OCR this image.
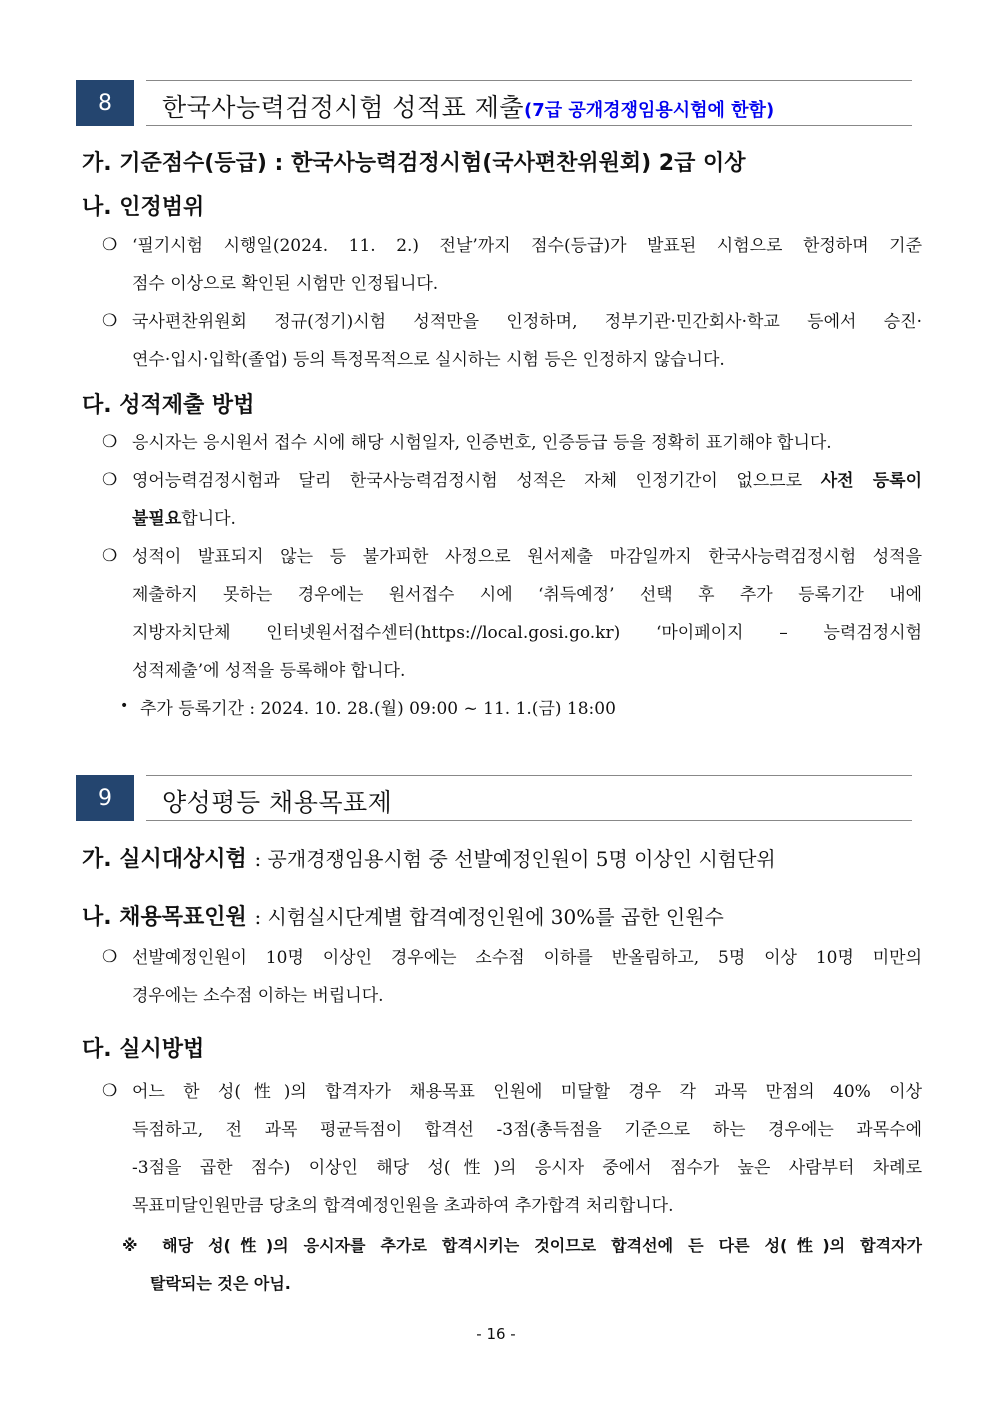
8	한국사능력검정시험 성적표 제출(7급 공개경쟁임용시험에 한함)
가. 기준점수(등급) : 한국사능력검정시험(국사편찬위원회) 2급 이상
나. 인정범위
❍ ‘필기시험 시행일(2024. 11. 2.) 전날’까지 점수(등급)가 발표된 시험으로 한정하며 기준
점수 이상으로 확인된 시험만 인정됩니다.
❍ 국사편찬위원회 정규(정기)시험 성적만을 인정하며, 정부기관·민간회사·학교 등에서 승진·
연수·입시·입학(졸업) 등의 특정목적으로 실시하는 시험 등은 인정하지 않습니다.
다. 성적제출 방법
❍ 응시자는 응시원서 접수 시에 해당 시험일자, 인증번호, 인증등급 등을 정확히 표기해야 합니다.
❍ 영어능력검정시험과 달리 한국사능력검정시험 성적은 자체 인정기간이 없으므로 사전 등록이
불필요합니다.
❍ 성적이 발표되지 않는 등 불가피한 사정으로 원서제출 마감일까지 한국사능력검정시험 성적을
제출하지 못하는 경우에는 원서접수 시에 ‘취득예정’ 선택 후 추가 등록기간 내에
지방자치단체 인터넷원서접수센터(https://local.gosi.go.kr) ‘마이페이지 – 능력검정시험
성적제출’에 성적을 등록해야 합니다.
• 추가 등록기간 : 2024. 10. 28.(월) 09:00 ~ 11. 1.(금) 18:00
9	양성평등 채용목표제
가. 실시대상시험 : 공개경쟁임용시험 중 선발예정인원이 5명 이상인 시험단위
나. 채용목표인원 : 시험실시단계별 합격예정인원에 30%를 곱한 인원수
❍ 선발예정인원이 10명 이상인 경우에는 소수점 이하를 반올림하고, 5명 이상 10명 미만의
경우에는 소수점 이하는 버립니다.
다. 실시방법
❍ 어느 한 성(性)의 합격자가 채용목표 인원에 미달할 경우 각 과목 만점의 40% 이상
득점하고, 전 과목 평균득점이 합격선 -3점(총득점을 기준으로 하는 경우에는 과목수에
-3점을 곱한 점수) 이상인 해당 성(性)의 응시자 중에서 점수가 높은 사람부터 차례로
목표미달인원만큼 당초의 합격예정인원을 초과하여 추가합격 처리합니다.
※ 해당 성(性)의 응시자를 추가로 합격시키는 것이므로 합격선에 든 다른 성(性)의 합격자가
탈락되는 것은 아님.
- 16 -
